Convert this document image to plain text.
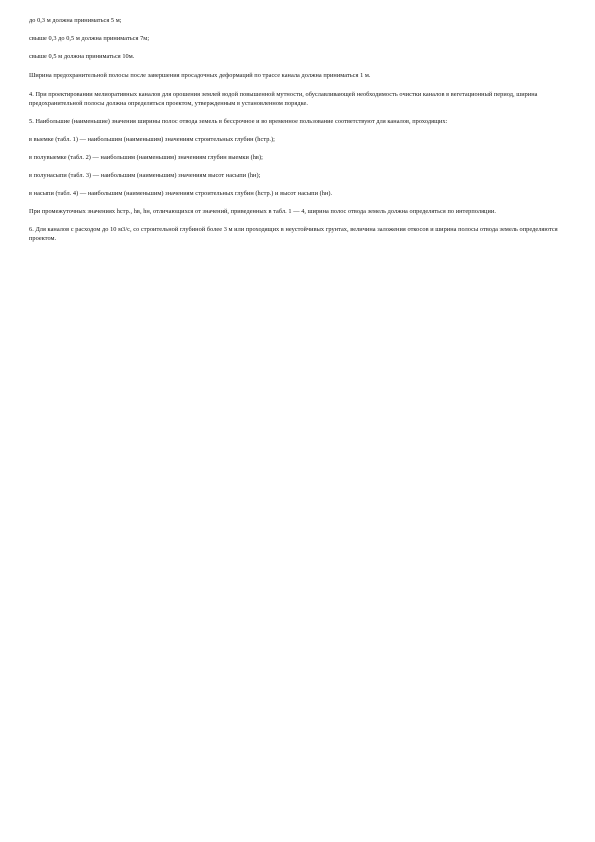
до 0,3 м должна приниматься 5 м;

свыше 0,3 до 0,5 м должна приниматься 7м;

свыше 0,5 м должна приниматься 10м.

Ширина предохранительной полосы после завершения просадочных деформаций по трассе канала должна приниматься 1 м.

4. При проектировании мелиоративных каналов для орошения землей водой повышенной мутности, обуславливающей необходимость очистки каналов в вегетационный период, ширина предохранительной полосы должна определяться проектом, утвержденным в установленном порядке.

5. Наибольшие (наименьшие) значения ширины полос отвода земель в бессрочное и во временное пользование соответствуют для каналов, проходящих:

в выемке (табл. 1) — наибольшим (наименьшим) значениям строительных глубин (hстр.);

в полувыемке (табл. 2) — наибольшим (наименьшим) значениям глубин выемки (hв);

в полунасыпи (табл. 3) — наибольшим (наименьшим) значениям высот насыпи (hн);

в насыпи (табл. 4) — наибольшим (наименьшим) значениям строительных глубин (hстр.) и высот насыпи (hн).

При промежуточных значениях hстр., hв, hн, отличающихся от значений, приведенных в табл. 1 — 4, ширина полос отвода земель должна определяться по интерполяции.

6. Для каналов с расходом до 10 м3/с, со строительной глубиной более 3 м или проходящих в неустойчивых грунтах, величина заложения откосов и ширина полосы отвода земель определяются проектом.
